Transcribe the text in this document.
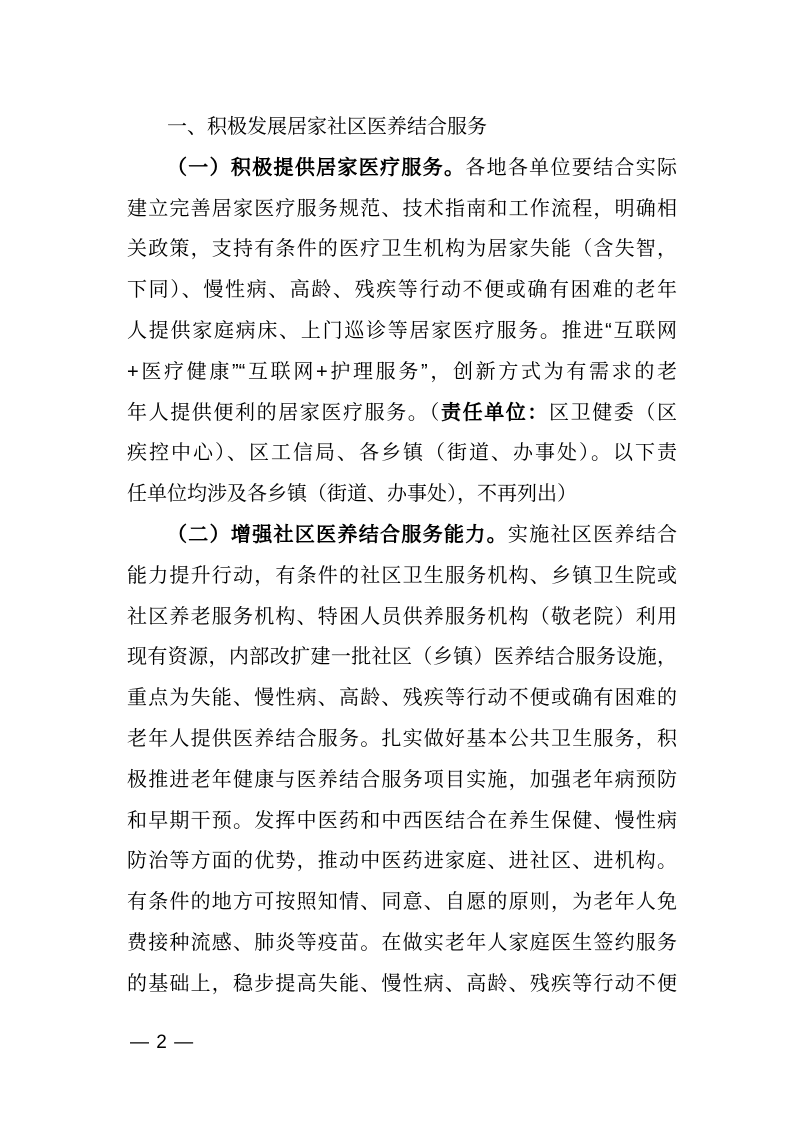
一、积极发展居家社区医养结合服务
（一）积极提供居家医疗服务。各地各单位要结合实际
建立完善居家医疗服务规范、技术指南和工作流程，明确相
关政策，支持有条件的医疗卫生机构为居家失能（含失智，
下同）、慢性病、高龄、残疾等行动不便或确有困难的老年
人提供家庭病床、上门巡诊等居家医疗服务。推进“互联网
+医疗健康”“互联网+护理服务”，创新方式为有需求的老
年人提供便利的居家医疗服务。（责任单位：区卫健委（区
疾控中心）、区工信局、各乡镇（街道、办事处）。以下责
任单位均涉及各乡镇（街道、办事处），不再列出）
（二）增强社区医养结合服务能力。实施社区医养结合
能力提升行动，有条件的社区卫生服务机构、乡镇卫生院或
社区养老服务机构、特困人员供养服务机构（敬老院）利用
现有资源，内部改扩建一批社区（乡镇）医养结合服务设施，
重点为失能、慢性病、高龄、残疾等行动不便或确有困难的
老年人提供医养结合服务。扎实做好基本公共卫生服务，积
极推进老年健康与医养结合服务项目实施，加强老年病预防
和早期干预。发挥中医药和中西医结合在养生保健、慢性病
防治等方面的优势，推动中医药进家庭、进社区、进机构。
有条件的地方可按照知情、同意、自愿的原则，为老年人免
费接种流感、肺炎等疫苗。在做实老年人家庭医生签约服务
的基础上，稳步提高失能、慢性病、高龄、残疾等行动不便
— 2 —
